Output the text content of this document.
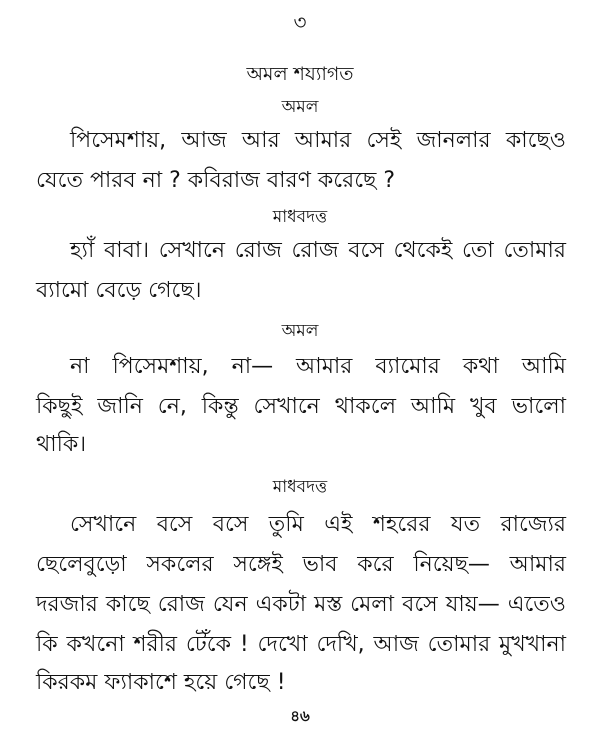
৩
অমল শয্যাগত
অমল
পিসেমশায়, আজ আর আমার সেই জানলার কাছেও
যেতে পারব না ? কবিরাজ বারণ করেছে ?
মাধবদত্ত
হ্যাঁ বাবা। সেখানে রোজ রোজ বসে থেকেই তো তোমার
ব্যামো বেড়ে গেছে।
অমল
না পিসেমশায়, না— আমার ব্যামোর কথা আমি
কিছুই জানি নে, কিন্তু সেখানে থাকলে আমি খুব ভালো
থাকি।
মাধবদত্ত
সেখানে বসে বসে তুমি এই শহরের যত রাজ্যের
ছেলেবুড়ো সকলের সঙ্গেই ভাব করে নিয়েছ— আমার
দরজার কাছে রোজ যেন একটা মস্ত মেলা বসে যায়— এতেও
কি কখনো শরীর টেঁকে ! দেখো দেখি, আজ তোমার মুখখানা
কিরকম ফ্যাকাশে হয়ে গেছে !
৪৬
